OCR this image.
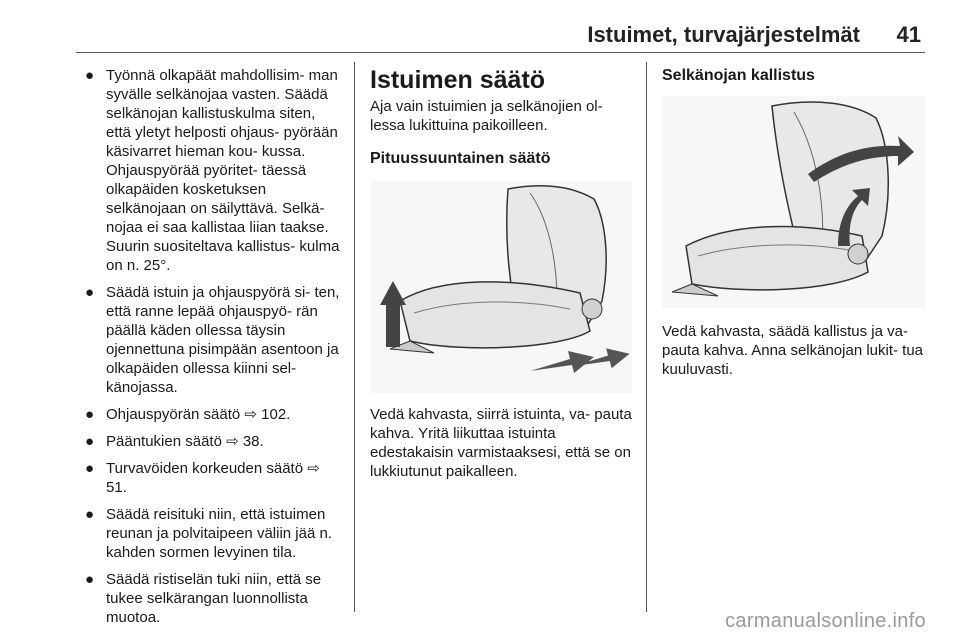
Istuimet, turvajärjestelmät 41
● Työnnä olkapäät mahdollisim- man syvälle selkänojaa vasten. Säädä selkänojan kallistuskulma siten, että yletyt helposti ohjaus- pyörään käsivarret hieman kou- kussa. Ohjauspyörää pyöritet- täessä olkapäiden kosketuksen selkänojaan on säilyttävä. Selkä- nojaa ei saa kallistaa liian taakse. Suurin suositeltava kallistus- kulma on n. 25°.
● Säädä istuin ja ohjauspyörä si- ten, että ranne lepää ohjauspyö- rän päällä käden ollessa täysin ojennettuna pisimpään asentoon ja olkapäiden ollessa kiinni sel- känojassa.
● Ohjauspyörän säätö ⇨ 102.
● Pääntukien säätö ⇨ 38.
● Turvavöiden korkeuden säätö ⇨ 51.
● Säädä reisituki niin, että istuimen reunan ja polvitaipeen väliin jää n. kahden sormen levyinen tila.
● Säädä ristiselän tuki niin, että se tukee selkärangan luonnollista muotoa.
Istuimen säätö

Aja vain istuimien ja selkänojien ol- lessa lukittuina paikoilleen.

Pituussuuntainen säätö

Vedä kahvasta, siirrä istuinta, va- pauta kahva. Yritä liikuttaa istuinta edestakaisin varmistaaksesi, että se on lukkiutunut paikalleen.

Selkänojan kallistus

Vedä kahvasta, säädä kallistus ja va- pauta kahva. Anna selkänojan lukit- tua kuuluvasti.

carmanualsonline.info
